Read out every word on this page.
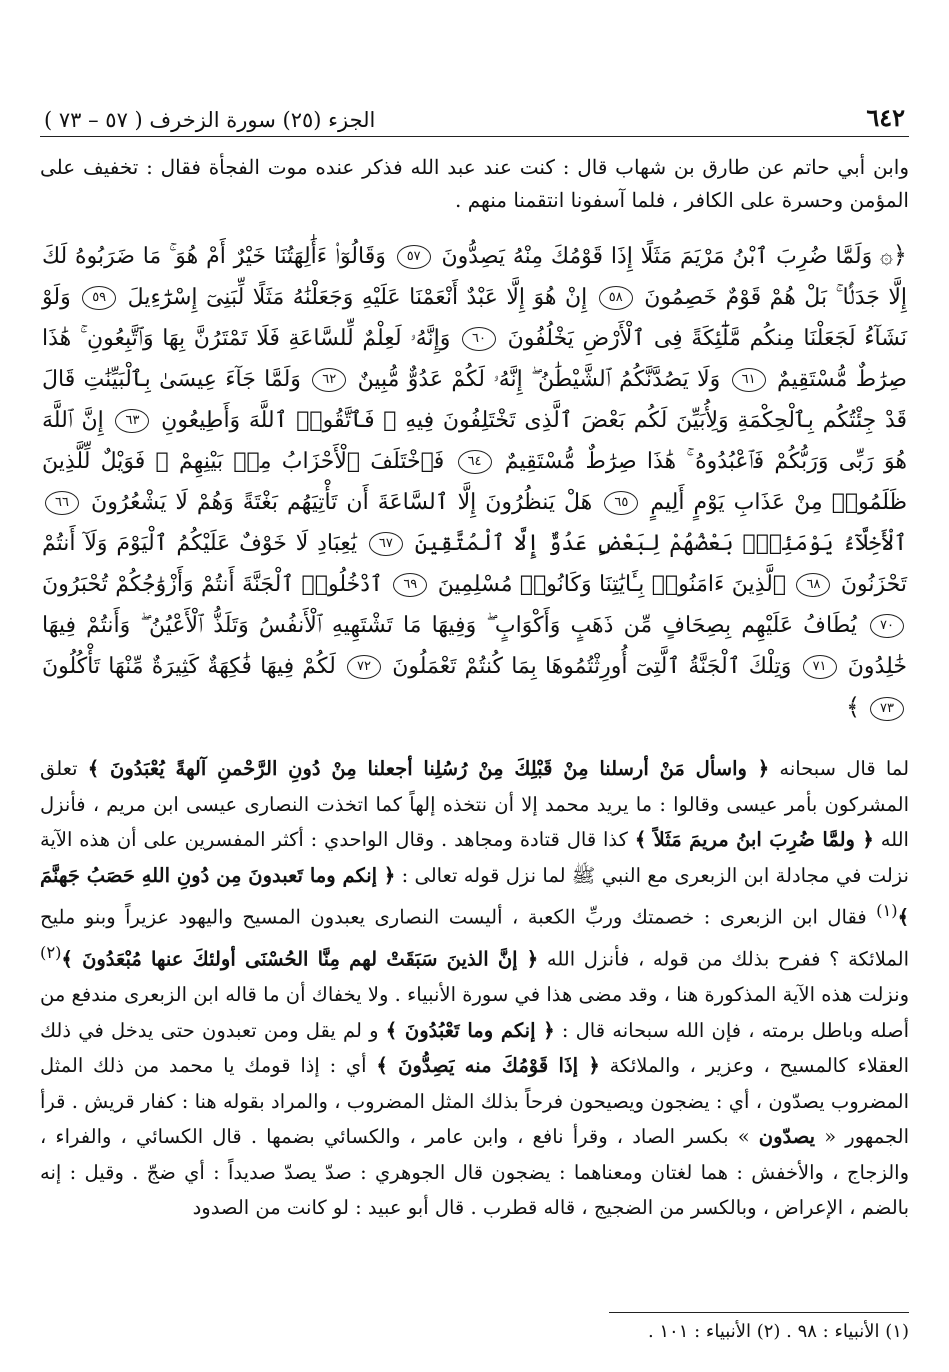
٦٤٢
الجزء (٢٥) سورة الزخرف ( ٥٧ – ٧٣ )
وابن أبي حاتم عن طارق بن شهاب قال : كنت عند عبد الله فذكر عنده موت الفجأة فقال : تخفيف على المؤمن وحسرة على الكافر ، فلما آسفونا انتقمنا منهم .
﴿۞ وَلَمَّا ضُرِبَ ٱبْنُ مَرْيَمَ مَثَلًا إِذَا قَوْمُكَ مِنْهُ يَصِدُّونَ ٥٧ وَقَالُوٓا۟ ءَأَٰلِهَتُنَا خَيْرٌ أَمْ هُوَ ۚ مَا ضَرَبُوهُ لَكَ إِلَّا جَدَلًۢا ۚ بَلْ هُمْ قَوْمٌ خَصِمُونَ ٥٨ إِنْ هُوَ إِلَّا عَبْدٌ أَنْعَمْنَا عَلَيْهِ وَجَعَلْنَٰهُ مَثَلًا لِّبَنِىٓ إِسْرَٰٓءِيلَ ٥٩ وَلَوْ نَشَآءُ لَجَعَلْنَا مِنكُم مَّلَٰٓئِكَةً فِى ٱلْأَرْضِ يَخْلُفُونَ ٦٠ وَإِنَّهُۥ لَعِلْمٌ لِّلسَّاعَةِ فَلَا تَمْتَرُنَّ بِهَا وَٱتَّبِعُونِ ۚ هَٰذَا صِرَٰطٌ مُّسْتَقِيمٌ ٦١ وَلَا يَصُدَّنَّكُمُ ٱلشَّيْطَٰنُ ۖ إِنَّهُۥ لَكُمْ عَدُوٌّ مُّبِينٌ ٦٢ وَلَمَّا جَآءَ عِيسَىٰ بِٱلْبَيِّنَٰتِ قَالَ قَدْ جِئْتُكُم بِٱلْحِكْمَةِ وَلِأُبَيِّنَ لَكُم بَعْضَ ٱلَّذِى تَخْتَلِفُونَ فِيهِ ۖ فَٱتَّقُوا۟ ٱللَّهَ وَأَطِيعُونِ ٦٣ إِنَّ ٱللَّهَ هُوَ رَبِّى وَرَبُّكُمْ فَٱعْبُدُوهُ ۚ هَٰذَا صِرَٰطٌ مُّسْتَقِيمٌ ٦٤ فَٱخْتَلَفَ ٱلْأَحْزَابُ مِنۢ بَيْنِهِمْ ۖ فَوَيْلٌ لِّلَّذِينَ ظَلَمُوا۟ مِنْ عَذَابِ يَوْمٍ أَلِيمٍ ٦٥ هَلْ يَنظُرُونَ إِلَّا ٱلسَّاعَةَ أَن تَأْتِيَهُم بَغْتَةً وَهُمْ لَا يَشْعُرُونَ ٦٦ ٱلْأَخِلَّآءُ يَوْمَئِذٍۭ بَعْضُهُمْ لِبَعْضٍ عَدُوٌّ إِلَّا ٱلْمُتَّقِينَ ٦٧ يَٰعِبَادِ لَا خَوْفٌ عَلَيْكُمُ ٱلْيَوْمَ وَلَآ أَنتُمْ تَحْزَنُونَ ٦٨ ٱلَّذِينَ ءَامَنُوا۟ بِـَٔايَٰتِنَا وَكَانُوا۟ مُسْلِمِينَ ٦٩ ٱدْخُلُوا۟ ٱلْجَنَّةَ أَنتُمْ وَأَزْوَٰجُكُمْ تُحْبَرُونَ ٧٠ يُطَافُ عَلَيْهِم بِصِحَافٍ مِّن ذَهَبٍ وَأَكْوَابٍ ۖ وَفِيهَا مَا تَشْتَهِيهِ ٱلْأَنفُسُ وَتَلَذُّ ٱلْأَعْيُنُ ۖ وَأَنتُمْ فِيهَا خَٰلِدُونَ ٧١ وَتِلْكَ ٱلْجَنَّةُ ٱلَّتِىٓ أُورِثْتُمُوهَا بِمَا كُنتُمْ تَعْمَلُونَ ٧٢ لَكُمْ فِيهَا فَٰكِهَةٌ كَثِيرَةٌ مِّنْهَا تَأْكُلُونَ ٧٣ ﴾
لما قال سبحانه ﴿ واسأل مَنْ أرسلنا مِنْ قَبْلِكَ مِنْ رُسُلِنا أجعلنا مِنْ دُونِ الرَّحْمنِ آلهةً يُعْبَدُونَ ﴾ تعلق المشركون بأمر عيسى وقالوا : ما يريد محمد إلا أن نتخذه إلهاً كما اتخذت النصارى عيسى ابن مريم ، فأنزل الله ﴿ ولمَّا ضُرِبَ ابنُ مريمَ مَثَلاً ﴾ كذا قال قتادة ومجاهد . وقال الواحدي : أكثر المفسرين على أن هذه الآية نزلت في مجادلة ابن الزبعرى مع النبي ﷺ لما نزل قوله تعالى : ﴿ إنكم وما تَعبدونَ مِن دُونِ اللهِ حَصَبُ جَهنَّمَ ﴾$^{(١)}$ فقال ابن الزبعرى : خصمتك وربِّ الكعبة ، أليست النصارى يعبدون المسيح واليهود عزيراً وبنو مليح الملائكة ؟ ففرح بذلك من قوله ، فأنزل الله ﴿ إنَّ الذينَ سَبَقَتْ لهم مِنَّا الحُسْنَى أولئكَ عنها مُبْعَدُونَ ﴾$^{(٢)}$ ونزلت هذه الآية المذكورة هنا ، وقد مضى هذا في سورة الأنبياء . ولا يخفاك أن ما قاله ابن الزبعرى مندفع من أصله وباطل برمته ، فإن الله سبحانه قال : ﴿ إنكم وما تَعْبُدُونَ ﴾ و لم يقل ومن تعبدون حتى يدخل في ذلك العقلاء كالمسيح ، وعزير ، والملائكة ﴿ إذَا قَوْمُكَ منه يَصِدُّونَ ﴾ أي : إذا قومك يا محمد من ذلك المثل المضروب يصدّون ، أي : يضجون ويصيحون فرحاً بذلك المثل المضروب ، والمراد بقوله هنا : كفار قريش . قرأ الجمهور « يصدّون » بكسر الصاد ، وقرأ نافع ، وابن عامر ، والكسائي بضمها . قال الكسائي ، والفراء ، والزجاج ، والأخفش : هما لغتان ومعناهما : يضجون قال الجوهري : صدّ يصدّ صديداً : أي ضجّ . وقيل : إنه بالضم ، الإعراض ، وبالكسر من الضجيج ، قاله قطرب . قال أبو عبيد : لو كانت من الصدود
(١) الأنبياء : ٩٨ . (٢) الأنبياء : ١٠١ .
